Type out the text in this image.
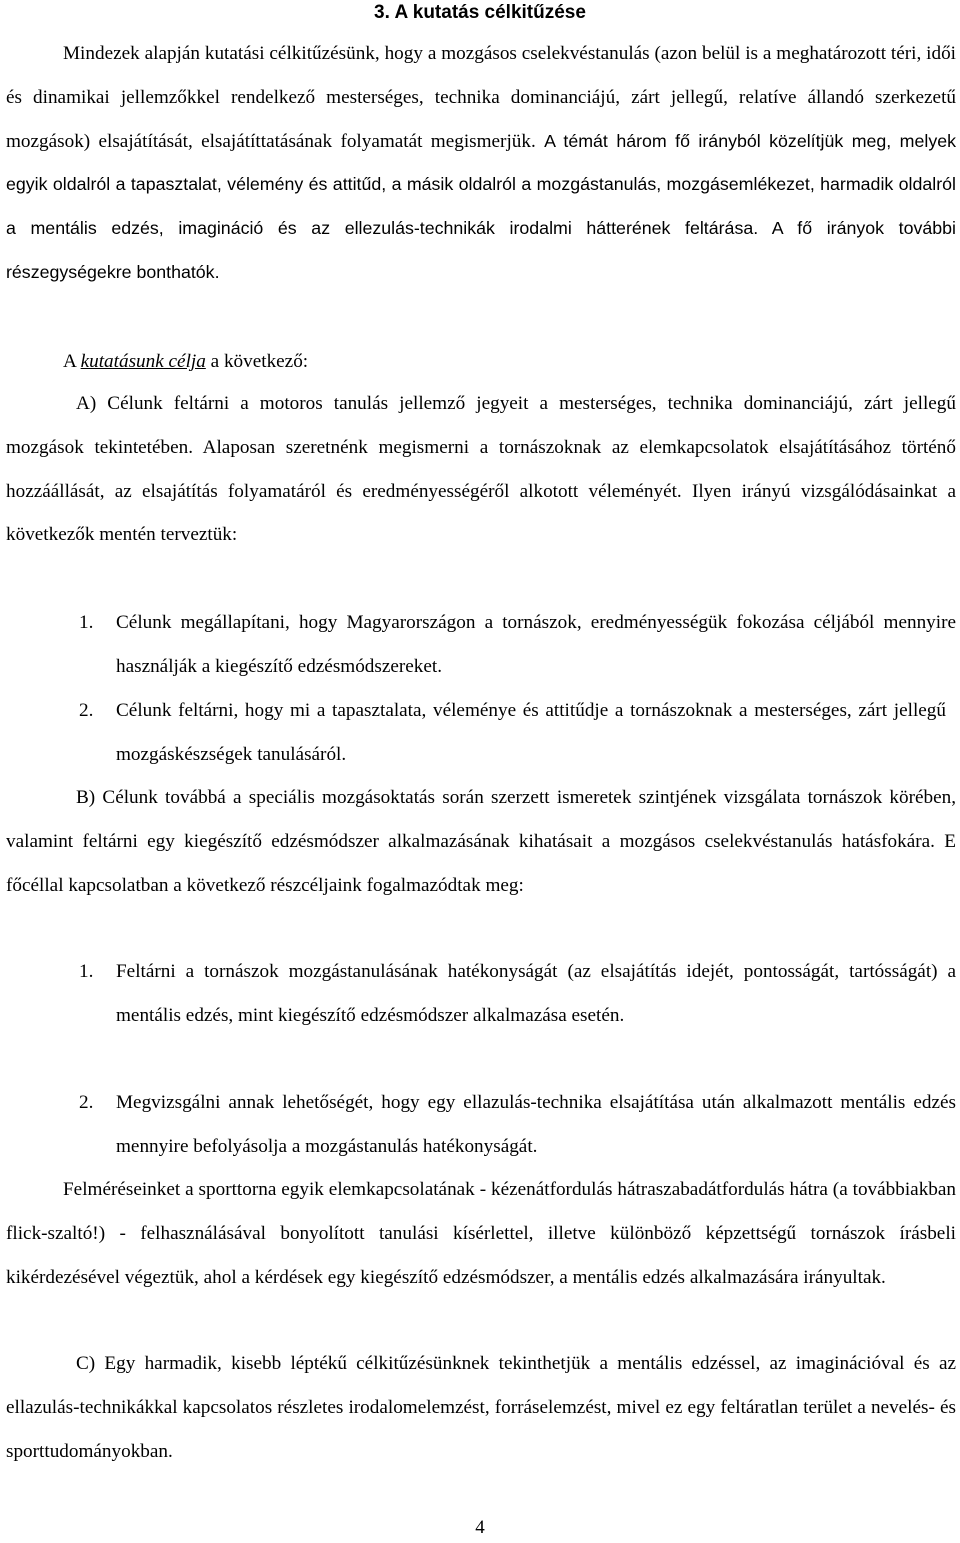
3. A kutatás célkitűzése
Mindezek alapján kutatási célkitűzésünk, hogy a mozgásos cselekvéstanulás (azon belül is a meghatározott téri, idői és dinamikai jellemzőkkel rendelkező mesterséges, technika dominanciájú, zárt jellegű, relatíve állandó szerkezetű mozgások) elsajátítását, elsajátíttatásának folyamatát megismerjük. A témát három fő irányból közelítjük meg, melyek egyik oldalról a tapasztalat, vélemény és attitűd, a másik oldalról a mozgástanulás, mozgásemlékezet, harmadik oldalról a mentális edzés, imagináció és az ellezulás-technikák irodalmi hátterének feltárása. A fő irányok további részegységekre bonthatók.
A kutatásunk célja a következő:
A) Célunk feltárni a motoros tanulás jellemző jegyeit a mesterséges, technika dominanciájú, zárt jellegű mozgások tekintetében. Alaposan szeretnénk megismerni a tornászoknak az elemkapcsolatok elsajátításához történő hozzáállását, az elsajátítás folyamatáról és eredményességéről alkotott véleményét. Ilyen irányú vizsgálódásainkat a következők mentén terveztük:
1. Célunk megállapítani, hogy Magyarországon a tornászok, eredményességük fokozása céljából mennyire használják a kiegészítő edzésmódszereket.
2. Célunk feltárni, hogy mi a tapasztalata, véleménye és attitűdje a tornászoknak a mesterséges, zárt jellegű mozgáskészségek tanulásáról.
B) Célunk továbbá a speciális mozgásoktatás során szerzett ismeretek szintjének vizsgálata tornászok körében, valamint feltárni egy kiegészítő edzésmódszer alkalmazásának kihatásait a mozgásos cselekvéstanulás hatásfokára. E főcéllal kapcsolatban a következő részcéljaink fogalmazódtak meg:
1. Feltárni a tornászok mozgástanulásának hatékonyságát (az elsajátítás idejét, pontosságát, tartósságát) a mentális edzés, mint kiegészítő edzésmódszer alkalmazása esetén.
2. Megvizsgálni annak lehetőségét, hogy egy ellazulás-technika elsajátítása után alkalmazott mentális edzés mennyire befolyásolja a mozgástanulás hatékonyságát.
Felméréseinket a sporttorna egyik elemkapcsolatának - kézenátfordulás hátraszabadátfordulás hátra (a továbbiakban flick-szaltó!) - felhasználásával bonyolított tanulási kísérlettel, illetve különböző képzettségű tornászok írásbeli kikérdezésével végeztük, ahol a kérdések egy kiegészítő edzésmódszer, a mentális edzés alkalmazására irányultak.
C) Egy harmadik, kisebb léptékű célkitűzésünknek tekinthetjük a mentális edzéssel, az imaginációval és az ellazulás-technikákkal kapcsolatos részletes irodalomelemzést, forráselemzést, mivel ez egy feltáratlan terület a nevelés- és sporttudományokban.
4
